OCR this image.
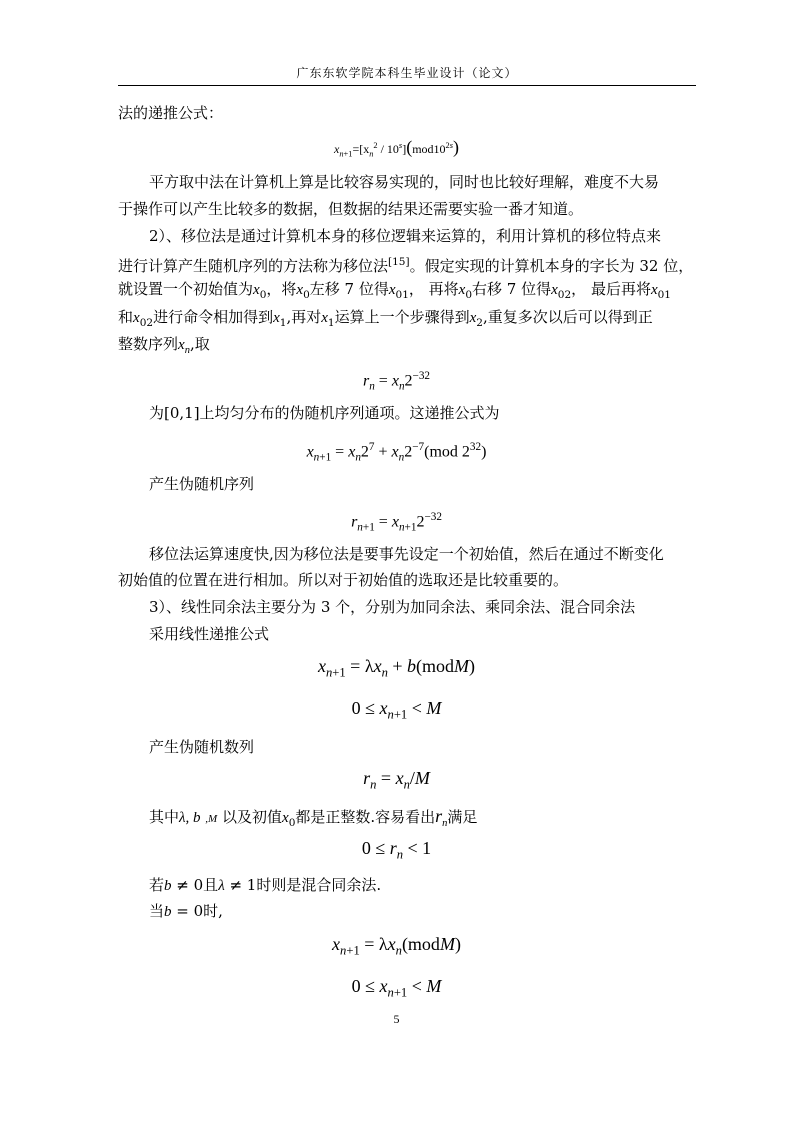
广东东软学院本科生毕业设计（论文）
法的递推公式：
$x_{n+1}=[x_n^2 / 10^s](mod10^{2s})$
平方取中法在计算机上算是比较容易实现的，同时也比较好理解，难度不大易
于操作可以产生比较多的数据，但数据的结果还需要实验一番才知道。
2）、移位法是通过计算机本身的移位逻辑来运算的，利用计算机的移位特点来
进行计算产生随机序列的方法称为移位法[15]。假定实现的计算机本身的字长为 32 位，
就设置一个初始值为$x_0$，将$x_0$左移 7 位得$x_{01}$， 再将$x_0$右移 7 位得$x_{02}$， 最后再将$x_{01}$
和$x_{02}$进行命令相加得到$x_1$,再对$x_1$运算上一个步骤得到$x_2$,重复多次以后可以得到正
整数序列$x_n$,取
$r_n = x_n2^{-32}$
为[0,1]上均匀分布的伪随机序列通项。这递推公式为
$x_{n+1} = x_n2^7 + x_n2^{-7}(mod$ $2^{32}$)
产生伪随机序列
$r_{n+1} = x_{n+1}2^{-32}$
移位法运算速度快,因为移位法是要事先设定一个初始值，然后在通过不断变化
初始值的位置在进行相加。所以对于初始值的选取还是比较重要的。
3）、线性同余法主要分为 3 个，分别为加同余法、乘同余法、混合同余法
采用线性递推公式
$x_{n+1} = \lambda x_n$ + b(modM)
$0 \le x_{n+1} < M$
产生伪随机数列
$r_n = x_n/M$
其中λ, b ,M 以及初值$x_0$都是正整数.容易看出$r_n$满足
$0 \le r_n < 1$
若b ≠ 0且λ ≠ 1时则是混合同余法.
当b = 0时,
$x_{n+1}$ = $\lambda x_n(modM)$
$0 \le x_{n+1} < M$
5
